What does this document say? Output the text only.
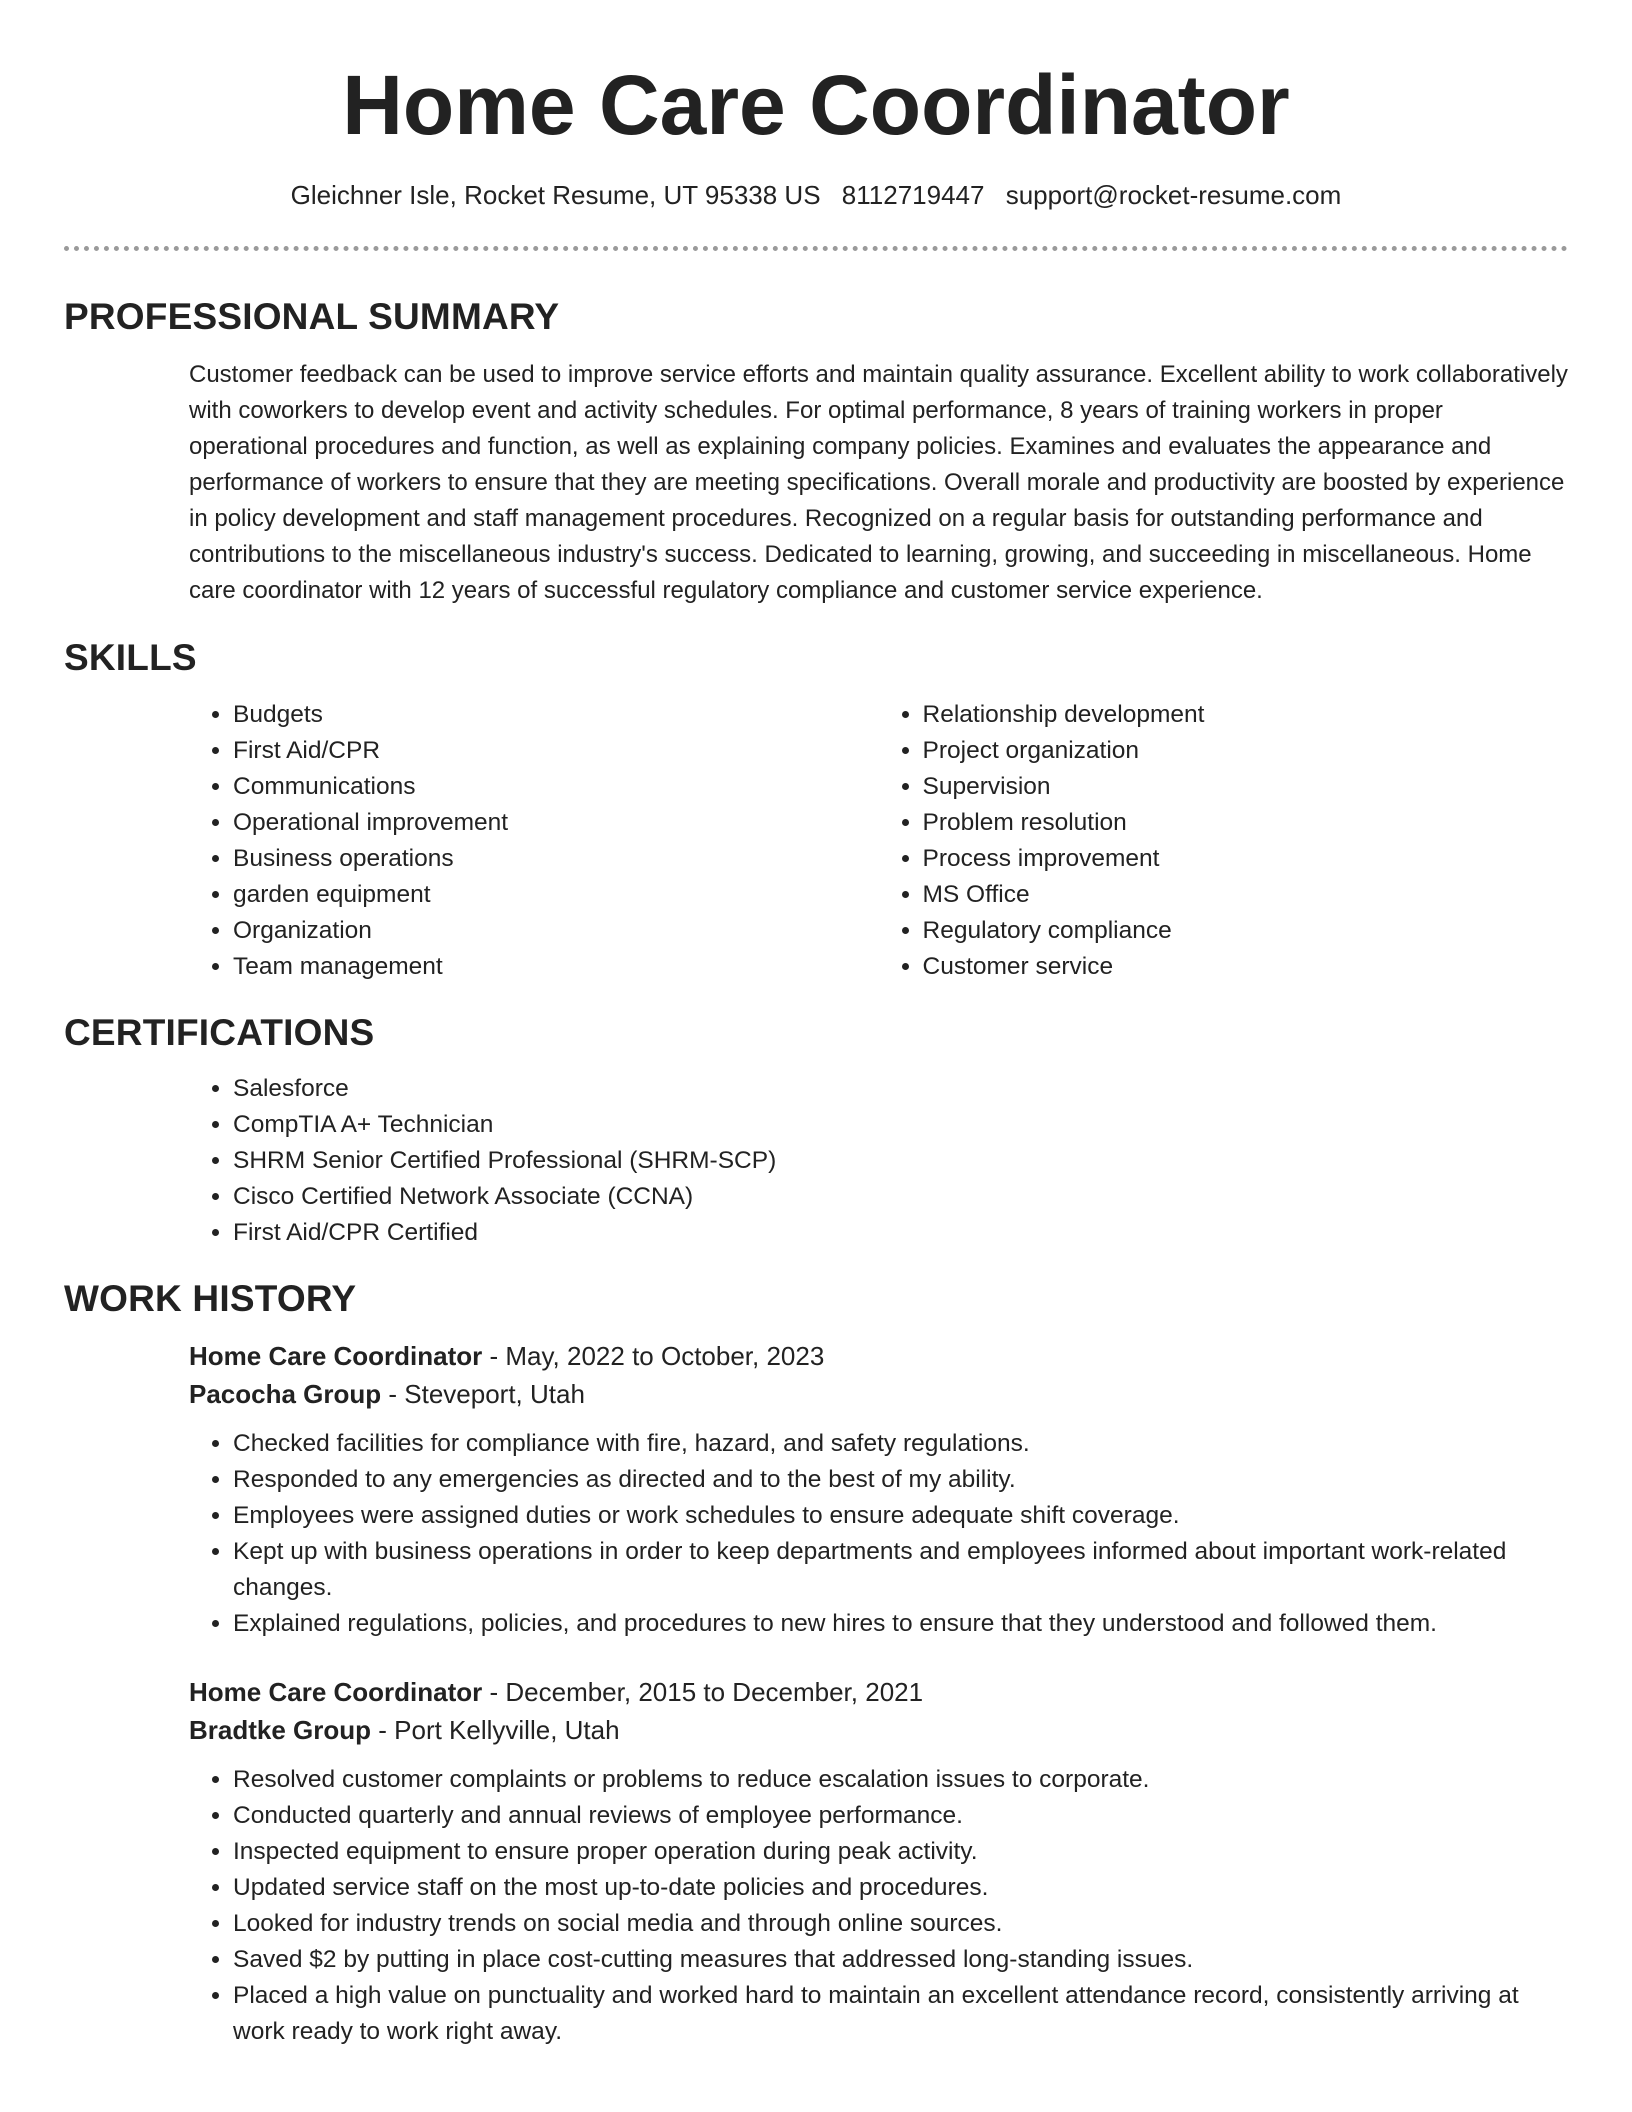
Home Care Coordinator
Gleichner Isle, Rocket Resume, UT 95338 US 8112719447 support@rocket-resume.com
PROFESSIONAL SUMMARY
Customer feedback can be used to improve service efforts and maintain quality assurance. Excellent ability to work collaboratively with coworkers to develop event and activity schedules. For optimal performance, 8 years of training workers in proper operational procedures and function, as well as explaining company policies. Examines and evaluates the appearance and performance of workers to ensure that they are meeting specifications. Overall morale and productivity are boosted by experience in policy development and staff management procedures. Recognized on a regular basis for outstanding performance and contributions to the miscellaneous industry's success. Dedicated to learning, growing, and succeeding in miscellaneous. Home care coordinator with 12 years of successful regulatory compliance and customer service experience.
SKILLS
• Budgets
• First Aid/CPR
• Communications
• Operational improvement
• Business operations
• garden equipment
• Organization
• Team management
• Relationship development
• Project organization
• Supervision
• Problem resolution
• Process improvement
• MS Office
• Regulatory compliance
• Customer service
CERTIFICATIONS
• Salesforce
• CompTIA A+ Technician
• SHRM Senior Certified Professional (SHRM-SCP)
• Cisco Certified Network Associate (CCNA)
• First Aid/CPR Certified
WORK HISTORY
Home Care Coordinator - May, 2022 to October, 2023
Pacocha Group - Steveport, Utah
• Checked facilities for compliance with fire, hazard, and safety regulations.
• Responded to any emergencies as directed and to the best of my ability.
• Employees were assigned duties or work schedules to ensure adequate shift coverage.
• Kept up with business operations in order to keep departments and employees informed about important work-related changes.
• Explained regulations, policies, and procedures to new hires to ensure that they understood and followed them.
Home Care Coordinator - December, 2015 to December, 2021
Bradtke Group - Port Kellyville, Utah
• Resolved customer complaints or problems to reduce escalation issues to corporate.
• Conducted quarterly and annual reviews of employee performance.
• Inspected equipment to ensure proper operation during peak activity.
• Updated service staff on the most up-to-date policies and procedures.
• Looked for industry trends on social media and through online sources.
• Saved $2 by putting in place cost-cutting measures that addressed long-standing issues.
• Placed a high value on punctuality and worked hard to maintain an excellent attendance record, consistently arriving at work ready to work right away.
